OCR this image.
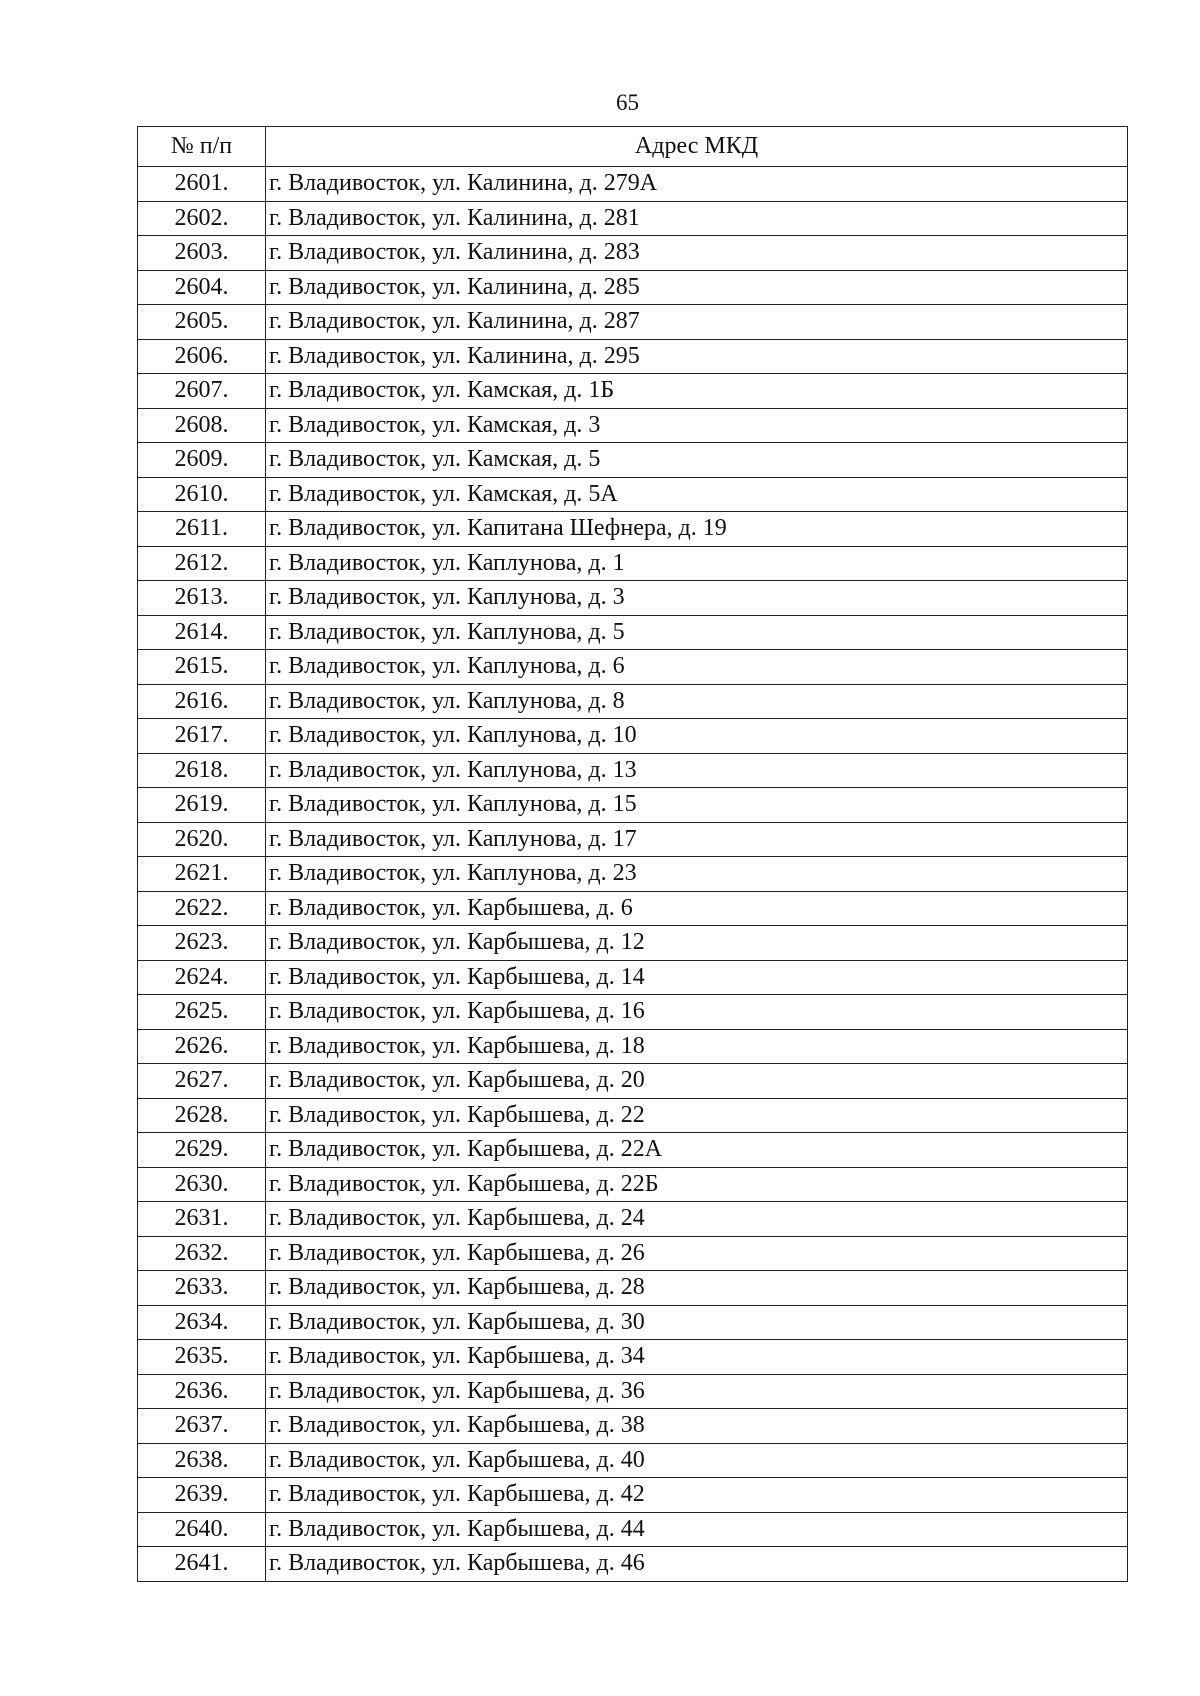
65
№ п/п	Адрес МКД
2601.	г. Владивосток, ул. Калинина, д. 279А
2602.	г. Владивосток, ул. Калинина, д. 281
2603.	г. Владивосток, ул. Калинина, д. 283
2604.	г. Владивосток, ул. Калинина, д. 285
2605.	г. Владивосток, ул. Калинина, д. 287
2606.	г. Владивосток, ул. Калинина, д. 295
2607.	г. Владивосток, ул. Камская, д. 1Б
2608.	г. Владивосток, ул. Камская, д. 3
2609.	г. Владивосток, ул. Камская, д. 5
2610.	г. Владивосток, ул. Камская, д. 5А
2611.	г. Владивосток, ул. Капитана Шефнера, д. 19
2612.	г. Владивосток, ул. Каплунова, д. 1
2613.	г. Владивосток, ул. Каплунова, д. 3
2614.	г. Владивосток, ул. Каплунова, д. 5
2615.	г. Владивосток, ул. Каплунова, д. 6
2616.	г. Владивосток, ул. Каплунова, д. 8
2617.	г. Владивосток, ул. Каплунова, д. 10
2618.	г. Владивосток, ул. Каплунова, д. 13
2619.	г. Владивосток, ул. Каплунова, д. 15
2620.	г. Владивосток, ул. Каплунова, д. 17
2621.	г. Владивосток, ул. Каплунова, д. 23
2622.	г. Владивосток, ул. Карбышева, д. 6
2623.	г. Владивосток, ул. Карбышева, д. 12
2624.	г. Владивосток, ул. Карбышева, д. 14
2625.	г. Владивосток, ул. Карбышева, д. 16
2626.	г. Владивосток, ул. Карбышева, д. 18
2627.	г. Владивосток, ул. Карбышева, д. 20
2628.	г. Владивосток, ул. Карбышева, д. 22
2629.	г. Владивосток, ул. Карбышева, д. 22А
2630.	г. Владивосток, ул. Карбышева, д. 22Б
2631.	г. Владивосток, ул. Карбышева, д. 24
2632.	г. Владивосток, ул. Карбышева, д. 26
2633.	г. Владивосток, ул. Карбышева, д. 28
2634.	г. Владивосток, ул. Карбышева, д. 30
2635.	г. Владивосток, ул. Карбышева, д. 34
2636.	г. Владивосток, ул. Карбышева, д. 36
2637.	г. Владивосток, ул. Карбышева, д. 38
2638.	г. Владивосток, ул. Карбышева, д. 40
2639.	г. Владивосток, ул. Карбышева, д. 42
2640.	г. Владивосток, ул. Карбышева, д. 44
2641.	г. Владивосток, ул. Карбышева, д. 46
